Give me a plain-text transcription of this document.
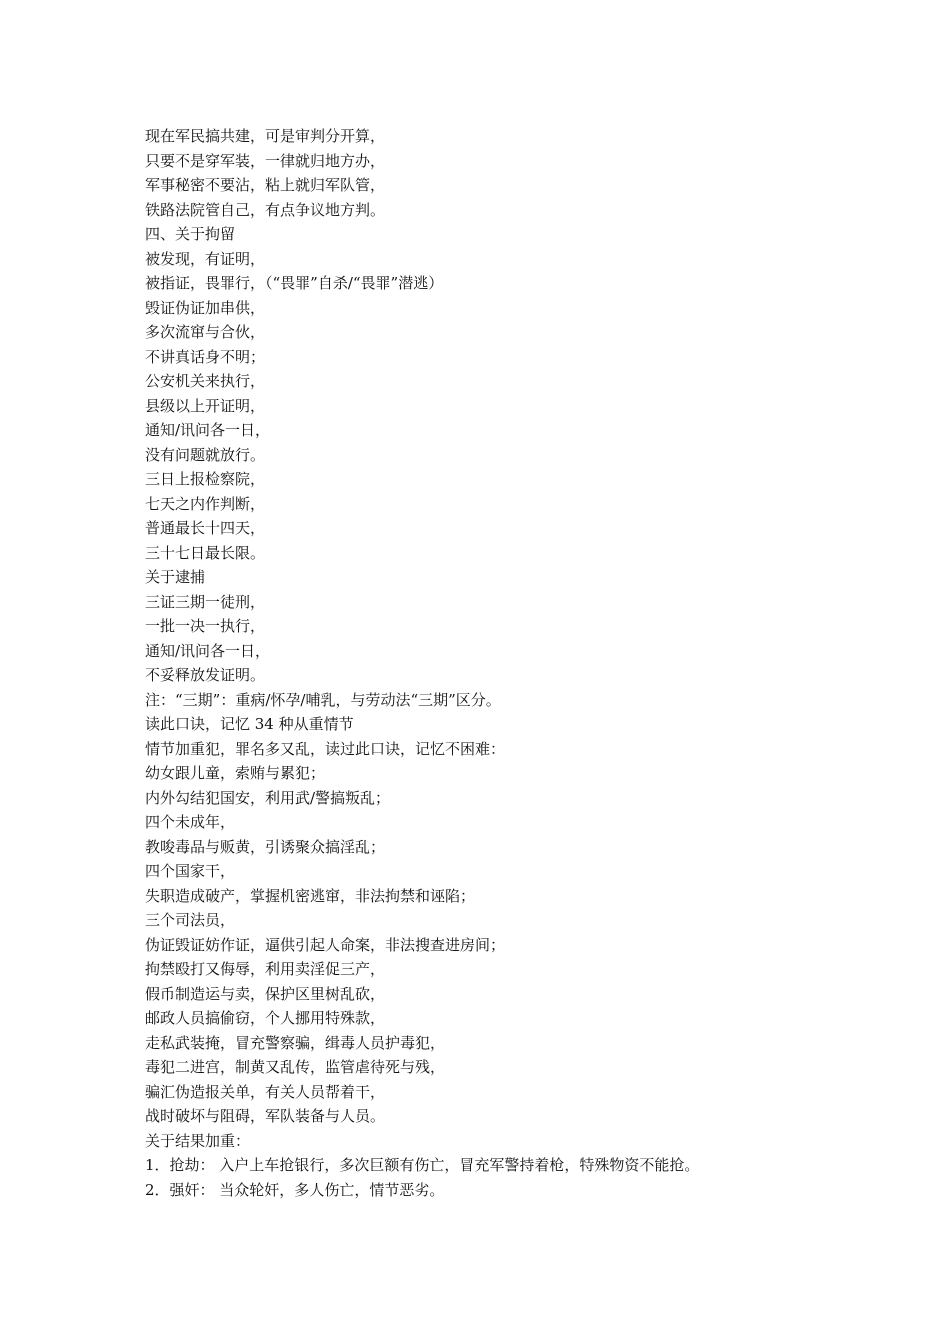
现在军民搞共建，可是审判分开算，
只要不是穿军装，一律就归地方办，
军事秘密不要沾，粘上就归军队管，
铁路法院管自己，有点争议地方判。
四、关于拘留
被发现，有证明，
被指证，畏罪行，（“畏罪”自杀/“畏罪”潜逃）
毁证伪证加串供，
多次流窜与合伙，
不讲真话身不明；
公安机关来执行，
县级以上开证明，
通知/讯问各一日，
没有问题就放行。
三日上报检察院，
七天之内作判断，
普通最长十四天，
三十七日最长限。
关于逮捕
三证三期一徒刑，
一批一决一执行，
通知/讯问各一日，
不妥释放发证明。
注：“三期”：重病/怀孕/哺乳，与劳动法“三期”区分。
读此口诀，记忆 34 种从重情节
情节加重犯，罪名多又乱，读过此口诀，记忆不困难：
幼女跟儿童，索贿与累犯；
内外勾结犯国安，利用武/警搞叛乱；
四个未成年，
教唆毒品与贩黄，引诱聚众搞淫乱；
四个国家干，
失职造成破产，掌握机密逃窜，非法拘禁和诬陷；
三个司法员，
伪证毁证妨作证，逼供引起人命案，非法搜查进房间；
拘禁殴打又侮辱，利用卖淫促三产，
假币制造运与卖，保护区里树乱砍，
邮政人员搞偷窃，个人挪用特殊款，
走私武装掩，冒充警察骗，缉毒人员护毒犯，
毒犯二进宫，制黄又乱传，监管虐待死与残，
骗汇伪造报关单，有关人员帮着干，
战时破坏与阻碍，军队装备与人员。
关于结果加重：
1．抢劫： 入户上车抢银行，多次巨额有伤亡，冒充军警持着枪，特殊物资不能抢。
2．强奸： 当众轮奸，多人伤亡，情节恶劣。
